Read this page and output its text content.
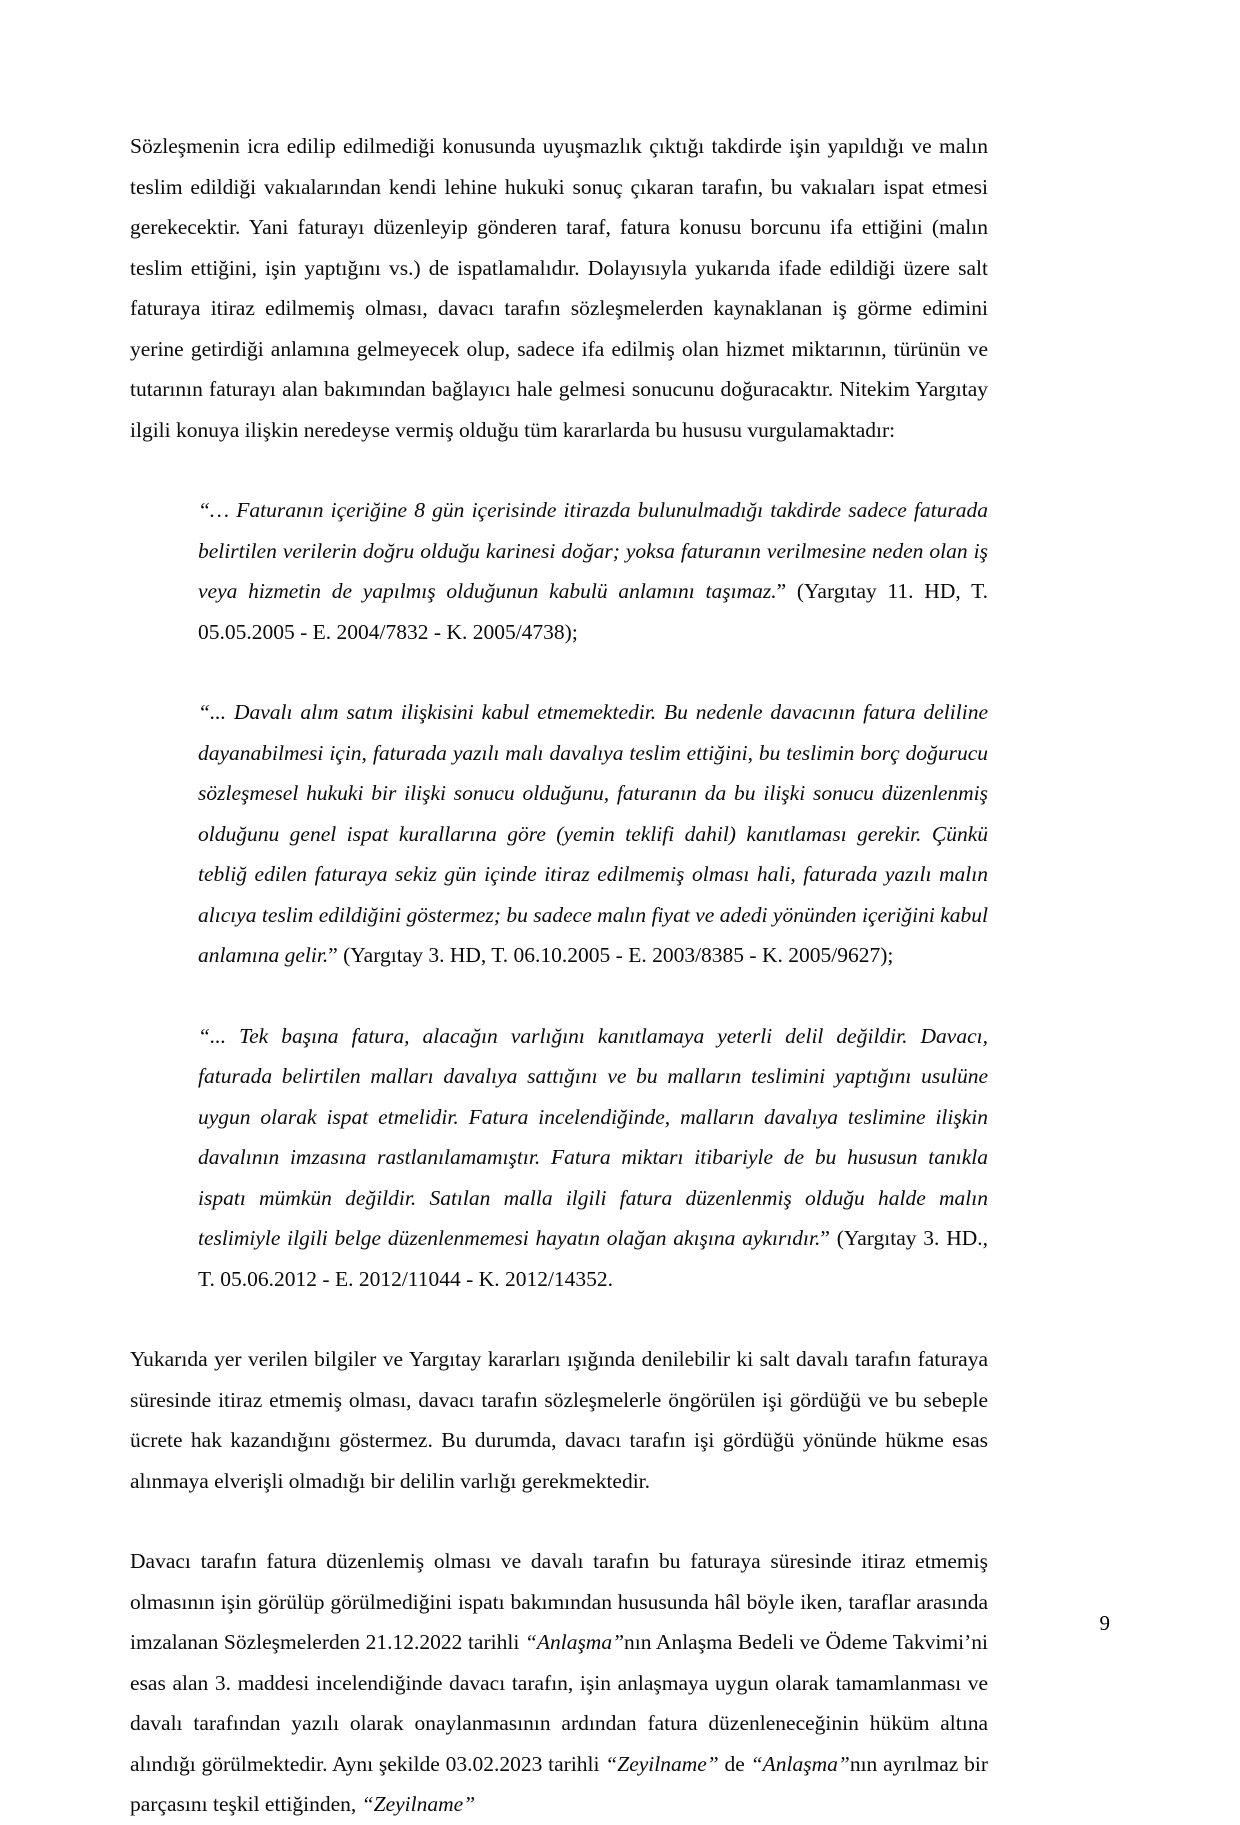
Sözleşmenin icra edilip edilmediği konusunda uyuşmazlık çıktığı takdirde işin yapıldığı ve malın teslim edildiği vakıalarından kendi lehine hukuki sonuç çıkaran tarafın, bu vakıaları ispat etmesi gerekecektir. Yani faturayı düzenleyip gönderen taraf, fatura konusu borcunu ifa ettiğini (malın teslim ettiğini, işin yaptığını vs.) de ispatlamalıdır. Dolayısıyla yukarıda ifade edildiği üzere salt faturaya itiraz edilmemiş olması, davacı tarafın sözleşmelerden kaynaklanan iş görme edimini yerine getirdiği anlamına gelmeyecek olup, sadece ifa edilmiş olan hizmet miktarının, türünün ve tutarının faturayı alan bakımından bağlayıcı hale gelmesi sonucunu doğuracaktır. Nitekim Yargıtay ilgili konuya ilişkin neredeyse vermiş olduğu tüm kararlarda bu hususu vurgulamaktadır:

“… Faturanın içeriğine 8 gün içerisinde itirazda bulunulmadığı takdirde sadece faturada belirtilen verilerin doğru olduğu karinesi doğar; yoksa faturanın verilmesine neden olan iş veya hizmetin de yapılmış olduğunun kabulü anlamını taşımaz.” (Yargıtay 11. HD, T. 05.05.2005 - E. 2004/7832 - K. 2005/4738);
“... Davalı alım satım ilişkisini kabul etmemektedir. Bu nedenle davacının fatura deliline dayanabilmesi için, faturada yazılı malı davalıya teslim ettiğini, bu teslimin borç doğurucu sözleşmesel hukuki bir ilişki sonucu olduğunu, faturanın da bu ilişki sonucu düzenlenmiş olduğunu genel ispat kurallarına göre (yemin teklifi dahil) kanıtlaması gerekir. Çünkü tebliğ edilen faturaya sekiz gün içinde itiraz edilmemiş olması hali, faturada yazılı malın alıcıya teslim edildiğini göstermez; bu sadece malın fiyat ve adedi yönünden içeriğini kabul anlamına gelir.” (Yargıtay 3. HD, T. 06.10.2005 - E. 2003/8385 - K. 2005/9627);
“... Tek başına fatura, alacağın varlığını kanıtlamaya yeterli delil değildir. Davacı, faturada belirtilen malları davalıya sattığını ve bu malların teslimini yaptığını usulüne uygun olarak ispat etmelidir. Fatura incelendiğinde, malların davalıya teslimine ilişkin davalının imzasına rastlanılamamıştır. Fatura miktarı itibariyle de bu hususun tanıkla ispatı mümkün değildir. Satılan malla ilgili fatura düzenlenmiş olduğu halde malın teslimiyle ilgili belge düzenlenmemesi hayatın olağan akışına aykırıdır.” (Yargıtay 3. HD., T. 05.06.2012 - E. 2012/11044 - K. 2012/14352.

Yukarıda yer verilen bilgiler ve Yargıtay kararları ışığında denilebilir ki salt davalı tarafın faturaya süresinde itiraz etmemiş olması, davacı tarafın sözleşmelerle öngörülen işi gördüğü ve bu sebeple ücrete hak kazandığını göstermez. Bu durumda, davacı tarafın işi gördüğü yönünde hükme esas alınmaya elverişli olmadığı bir delilin varlığı gerekmektedir.

Davacı tarafın fatura düzenlemiş olması ve davalı tarafın bu faturaya süresinde itiraz etmemiş olmasının işin görülüp görülmediğini ispatı bakımından hususunda hâl böyle iken, taraflar arasında imzalanan Sözleşmelerden 21.12.2022 tarihli “Anlaşma”nın Anlaşma Bedeli ve Ödeme Takvimi’ni esas alan 3. maddesi incelendiğinde davacı tarafın, işin anlaşmaya uygun olarak tamamlanması ve davalı tarafından yazılı olarak onaylanmasının ardından fatura düzenleneceğinin hüküm altına alındığı görülmektedir. Aynı şekilde 03.02.2023 tarihli “Zeyilname” de “Anlaşma”nın ayrılmaz bir parçasını teşkil ettiğinden, “Zeyilname”

9
